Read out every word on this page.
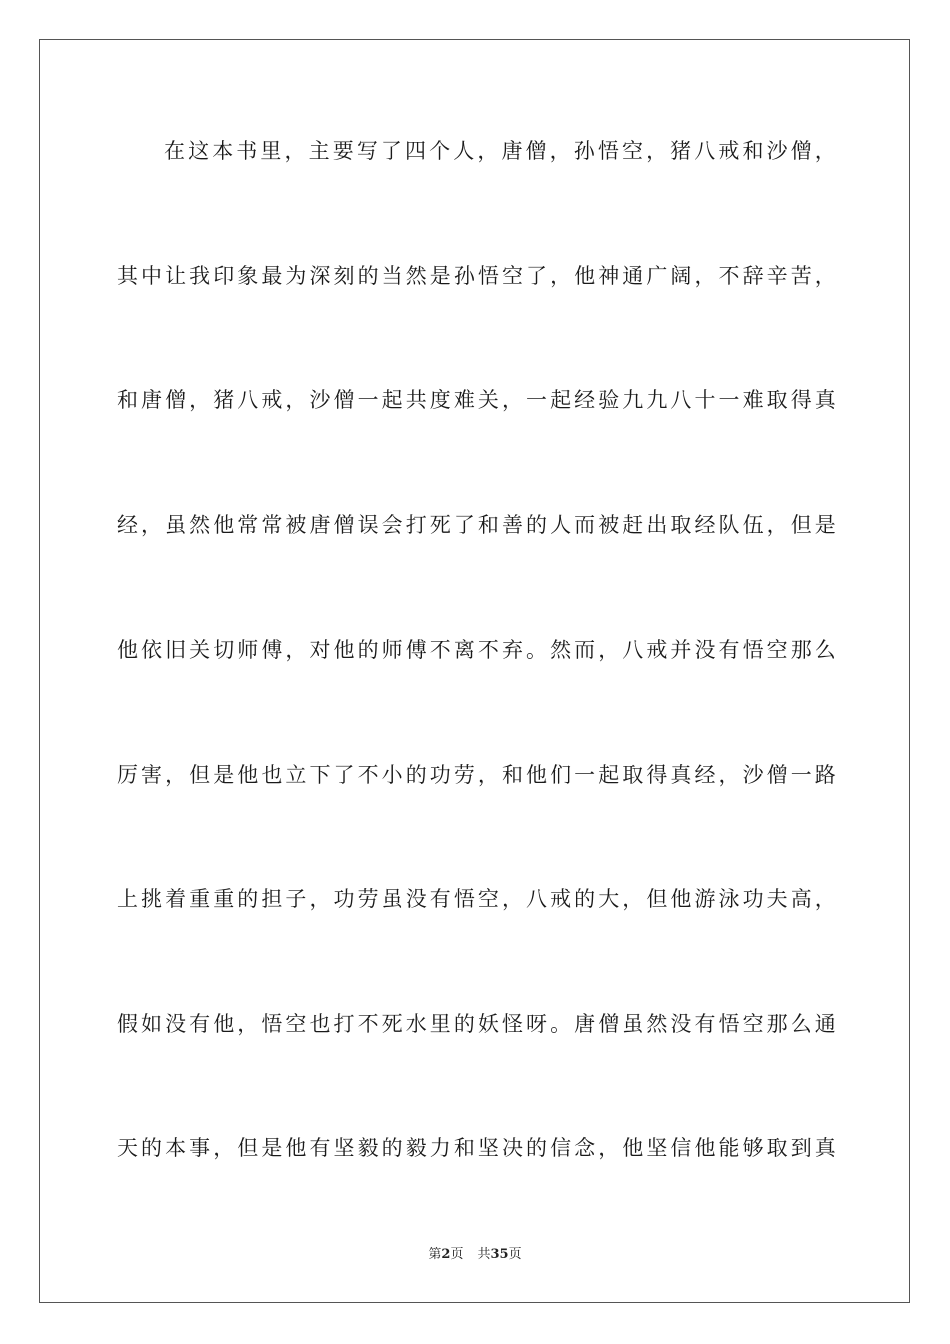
在这本书里，主要写了四个人，唐僧，孙悟空，猪八戒和沙僧，
其中让我印象最为深刻的当然是孙悟空了，他神通广阔，不辞辛苦，
和唐僧，猪八戒，沙僧一起共度难关，一起经验九九八十一难取得真
经，虽然他常常被唐僧误会打死了和善的人而被赶出取经队伍，但是
他依旧关切师傅，对他的师傅不离不弃。然而，八戒并没有悟空那么
厉害，但是他也立下了不小的功劳，和他们一起取得真经，沙僧一路
上挑着重重的担子，功劳虽没有悟空，八戒的大，但他游泳功夫高，
假如没有他，悟空也打不死水里的妖怪呀。唐僧虽然没有悟空那么通
天的本事，但是他有坚毅的毅力和坚决的信念，他坚信他能够取到真
第2页 共35页
